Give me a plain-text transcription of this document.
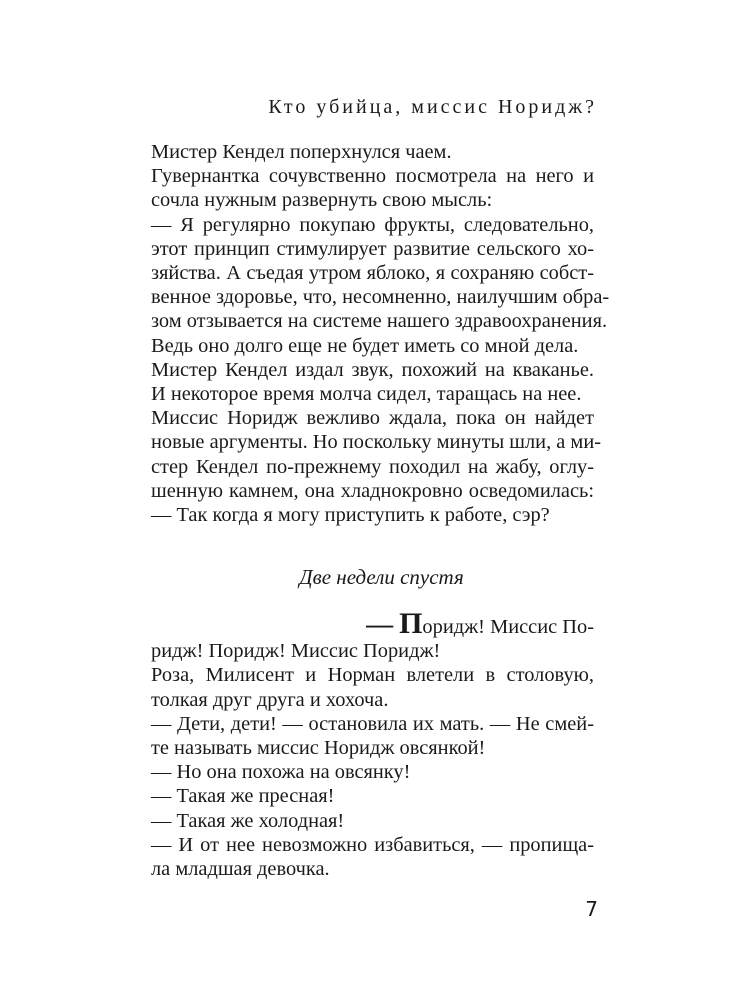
Кто убийца, миссис Норидж?
Мистер Кендел поперхнулся чаем.
Гувернантка сочувственно посмотрела на него и
сочла нужным развернуть свою мысль:
— Я регулярно покупаю фрукты, следовательно,
этот принцип стимулирует развитие сельского хо-
зяйства. А съедая утром яблоко, я сохраняю собст-
венное здоровье, что, несомненно, наилучшим обра-
зом отзывается на системе нашего здравоохранения.
Ведь оно долго еще не будет иметь со мной дела.
Мистер Кендел издал звук, похожий на кваканье.
И некоторое время молча сидел, таращась на нее.
Миссис Норидж вежливо ждала, пока он найдет
новые аргументы. Но поскольку минуты шли, а ми-
стер Кендел по-прежнему походил на жабу, оглу-
шенную камнем, она хладнокровно осведомилась:
— Так когда я могу приступить к работе, сэр?
Две недели спустя
— П оридж! Миссис По-
ридж! Поридж! Миссис Поридж!
Роза, Милисент и Норман влетели в столовую,
толкая друг друга и хохоча.
— Дети, дети! — остановила их мать. — Не смей-
те называть миссис Норидж овсянкой!
— Но она похожа на овсянку!
— Такая же пресная!
— Такая же холодная!
— И от нее невозможно избавиться, — пропища-
ла младшая девочка.
7
